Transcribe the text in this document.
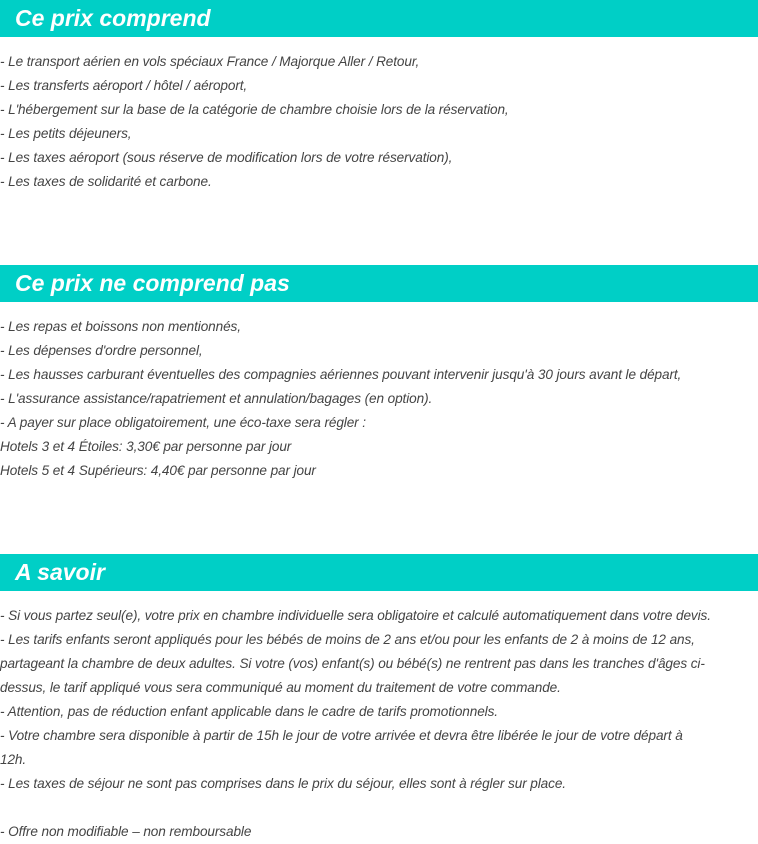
Ce prix comprend
- Le transport aérien en vols spéciaux France / Majorque Aller / Retour,
- Les transferts aéroport / hôtel / aéroport,
- L'hébergement sur la base de la catégorie de chambre choisie lors de la réservation,
- Les petits déjeuners,
- Les taxes aéroport (sous réserve de modification lors de votre réservation),
- Les taxes de solidarité et carbone.
Ce prix ne comprend pas
- Les repas et boissons non mentionnés,
- Les dépenses d'ordre personnel,
- Les hausses carburant éventuelles des compagnies aériennes pouvant intervenir jusqu'à 30 jours avant le départ,
- L'assurance assistance/rapatriement et annulation/bagages (en option).
- A payer sur place obligatoirement, une éco-taxe sera régler :
Hotels 3 et 4 Étoiles: 3,30€ par personne par jour
Hotels 5 et 4 Supérieurs: 4,40€ par personne par jour
A savoir
- Si vous partez seul(e), votre prix en chambre individuelle sera obligatoire et calculé automatiquement dans votre devis.
- Les tarifs enfants seront appliqués pour les bébés de moins de 2 ans et/ou pour les enfants de 2 à moins de 12 ans,
partageant la chambre de deux adultes. Si votre (vos) enfant(s) ou bébé(s) ne rentrent pas dans les tranches d'âges ci-
dessus, le tarif appliqué vous sera communiqué au moment du traitement de votre commande.
- Attention, pas de réduction enfant applicable dans le cadre de tarifs promotionnels.
- Votre chambre sera disponible à partir de 15h le jour de votre arrivée et devra être libérée le jour de votre départ à
12h.
- Les taxes de séjour ne sont pas comprises dans le prix du séjour, elles sont à régler sur place.
- Offre non modifiable – non remboursable
